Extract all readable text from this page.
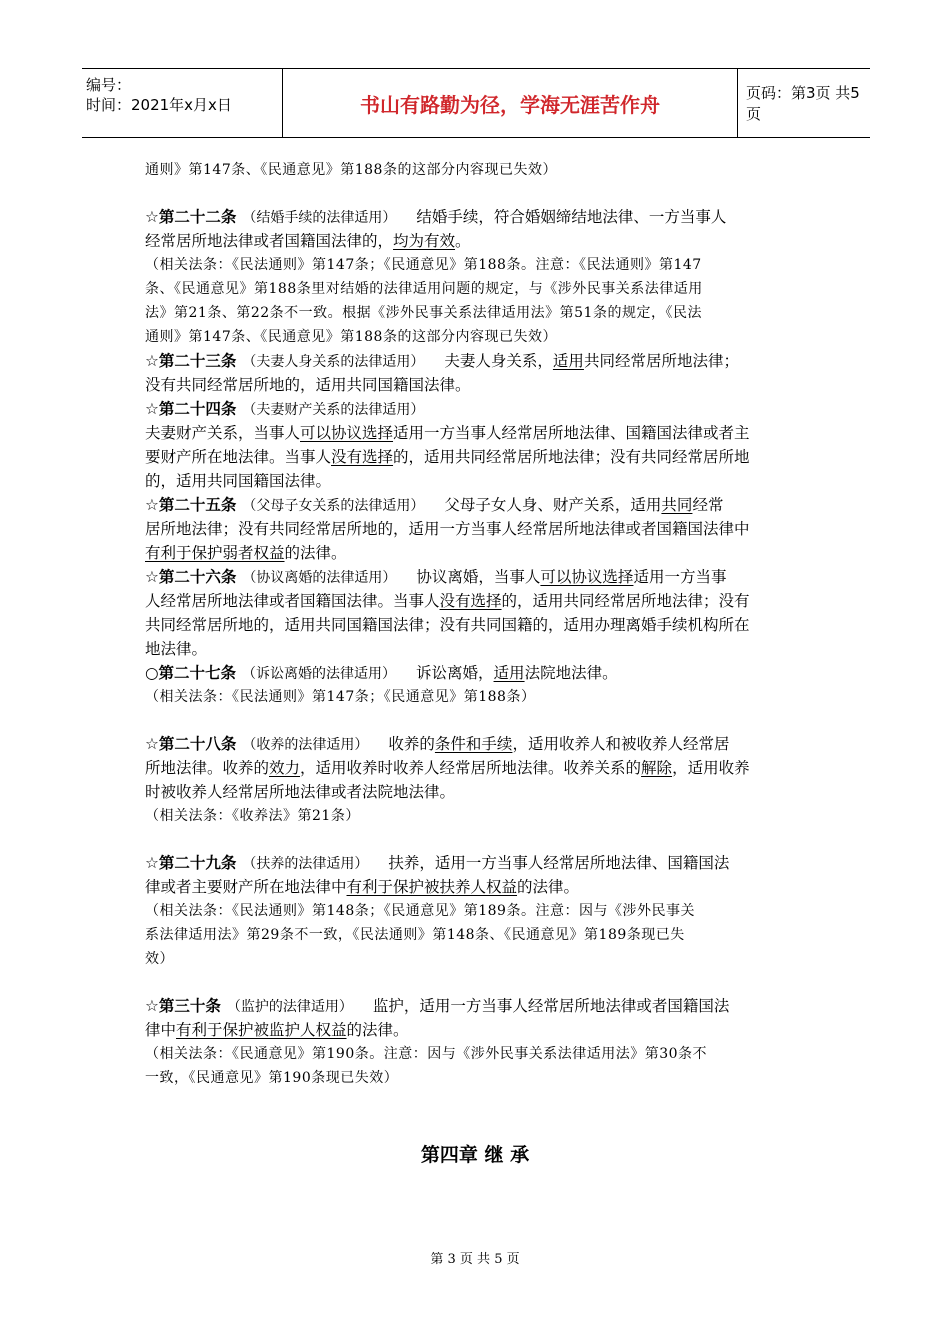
编号：
时间：2021年x月x日	书山有路勤为径，学海无涯苦作舟	页码：第3页 共5页
通则》第147条、《民通意见》第188条的这部分内容现已失效）
☆第二十二条 （结婚手续的法律适用） 结婚手续，符合婚姻缔结地法律、一方当事人
经常居所地法律或者国籍国法律的，均为有效。
（相关法条：《民法通则》第147条；《民通意见》第188条。注意：《民法通则》第147
条、《民通意见》第188条里对结婚的法律适用问题的规定，与《涉外民事关系法律适用
法》第21条、第22条不一致。根据《涉外民事关系法律适用法》第51条的规定，《民法
通则》第147条、《民通意见》第188条的这部分内容现已失效）
☆第二十三条 （夫妻人身关系的法律适用） 夫妻人身关系，适用共同经常居所地法律；
没有共同经常居所地的，适用共同国籍国法律。
☆第二十四条 （夫妻财产关系的法律适用）
夫妻财产关系，当事人可以协议选择适用一方当事人经常居所地法律、国籍国法律或者主
要财产所在地法律。当事人没有选择的，适用共同经常居所地法律；没有共同经常居所地
的，适用共同国籍国法律。
☆第二十五条 （父母子女关系的法律适用） 父母子女人身、财产关系，适用共同经常
居所地法律；没有共同经常居所地的，适用一方当事人经常居所地法律或者国籍国法律中
有利于保护弱者权益的法律。
☆第二十六条 （协议离婚的法律适用） 协议离婚，当事人可以协议选择适用一方当事
人经常居所地法律或者国籍国法律。当事人没有选择的，适用共同经常居所地法律；没有
共同经常居所地的，适用共同国籍国法律；没有共同国籍的，适用办理离婚手续机构所在
地法律。
○第二十七条 （诉讼离婚的法律适用） 诉讼离婚，适用法院地法律。
（相关法条：《民法通则》第147条；《民通意见》第188条）
☆第二十八条 （收养的法律适用） 收养的条件和手续，适用收养人和被收养人经常居
所地法律。收养的效力，适用收养时收养人经常居所地法律。收养关系的解除，适用收养
时被收养人经常居所地法律或者法院地法律。
（相关法条：《收养法》第21条）
☆第二十九条 （扶养的法律适用） 扶养，适用一方当事人经常居所地法律、国籍国法
律或者主要财产所在地法律中有利于保护被扶养人权益的法律。
（相关法条：《民法通则》第148条；《民通意见》第189条。注意：因与《涉外民事关
系法律适用法》第29条不一致，《民法通则》第148条、《民通意见》第189条现已失
效）
☆第三十条 （监护的法律适用） 监护，适用一方当事人经常居所地法律或者国籍国法
律中有利于保护被监护人权益的法律。
（相关法条：《民通意见》第190条。注意：因与《涉外民事关系法律适用法》第30条不
一致，《民通意见》第190条现已失效）
第四章 继 承
第 3 页 共 5 页
